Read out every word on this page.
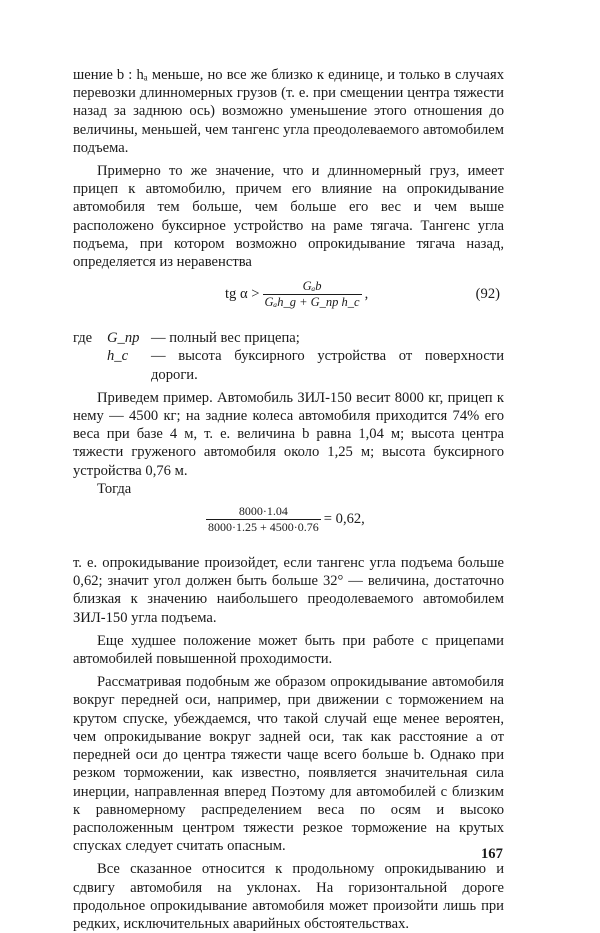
шение b : hₐ меньше, но все же близко к единице, и только в случаях перевозки длинномерных грузов (т. е. при смещении центра тяжести назад за заднюю ось) возможно уменьшение этого отношения до величины, меньшей, чем тангенс угла преодолеваемого автомобилем подъема.

Примерно то же значение, что и длинномерный груз, имеет прицеп к автомобилю, причем его влияние на опрокидывание автомобиля тем больше, чем больше его вес и чем выше расположено буксирное устройство на раме тягача. Тангенс угла подъема, при котором возможно опрокидывание тягача назад, определяется из неравенства

tg $\alpha > \frac{\text{Gₐb}}{\text{Gₐh\_g + G\_пр h\_c}}$ ,	(92)
где	G_пр — полный вес прицепа;
h_c	— высота буксирного устройства от поверхности дороги.

Приведем пример. Автомобиль ЗИЛ-150 весит 8000 кг, прицеп к нему — 4500 кг; на задние колеса автомобиля приходится 74% его веса при базе 4 м, т. е. величина b равна 1,04 м; высота центра тяжести груженого автомобиля около 1,25 м; высота буксирного устройства 0,76 м.

Тогда

$\frac{8000\cdot 1.04}{8000\cdot 1.25 + 4500\cdot 0.76} = 0,62$,

т. е. опрокидывание произойдет, если тангенс угла подъема больше 0,62; значит угол должен быть больше 32° — величина, достаточно близкая к значению наибольшего преодолеваемого автомобилем ЗИЛ-150 угла подъема.

Еще худшее положение может быть при работе с прицепами автомобилей повышенной проходимости.

Рассматривая подобным же образом опрокидывание автомобиля вокруг передней оси, например, при движении с торможением на крутом спуске, убеждаемся, что такой случай еще менее вероятен, чем опрокидывание вокруг задней оси, так как расстояние a от передней оси до центра тяжести чаще всего больше b. Однако при резком торможении, как известно, появляется значительная сила инерции, направленная вперед Поэтому для автомобилей с близким к равномерному распределением веса по осям и высоко расположенным центром тяжести резкое торможение на крутых спусках следует считать опасным.

Все сказанное относится к продольному опрокидыванию и сдвигу автомобиля на уклонах. На горизонтальной дороге продольное опрокидывание автомобиля может произойти лишь при редких, исключительных аварийных обстоятельствах.

167
